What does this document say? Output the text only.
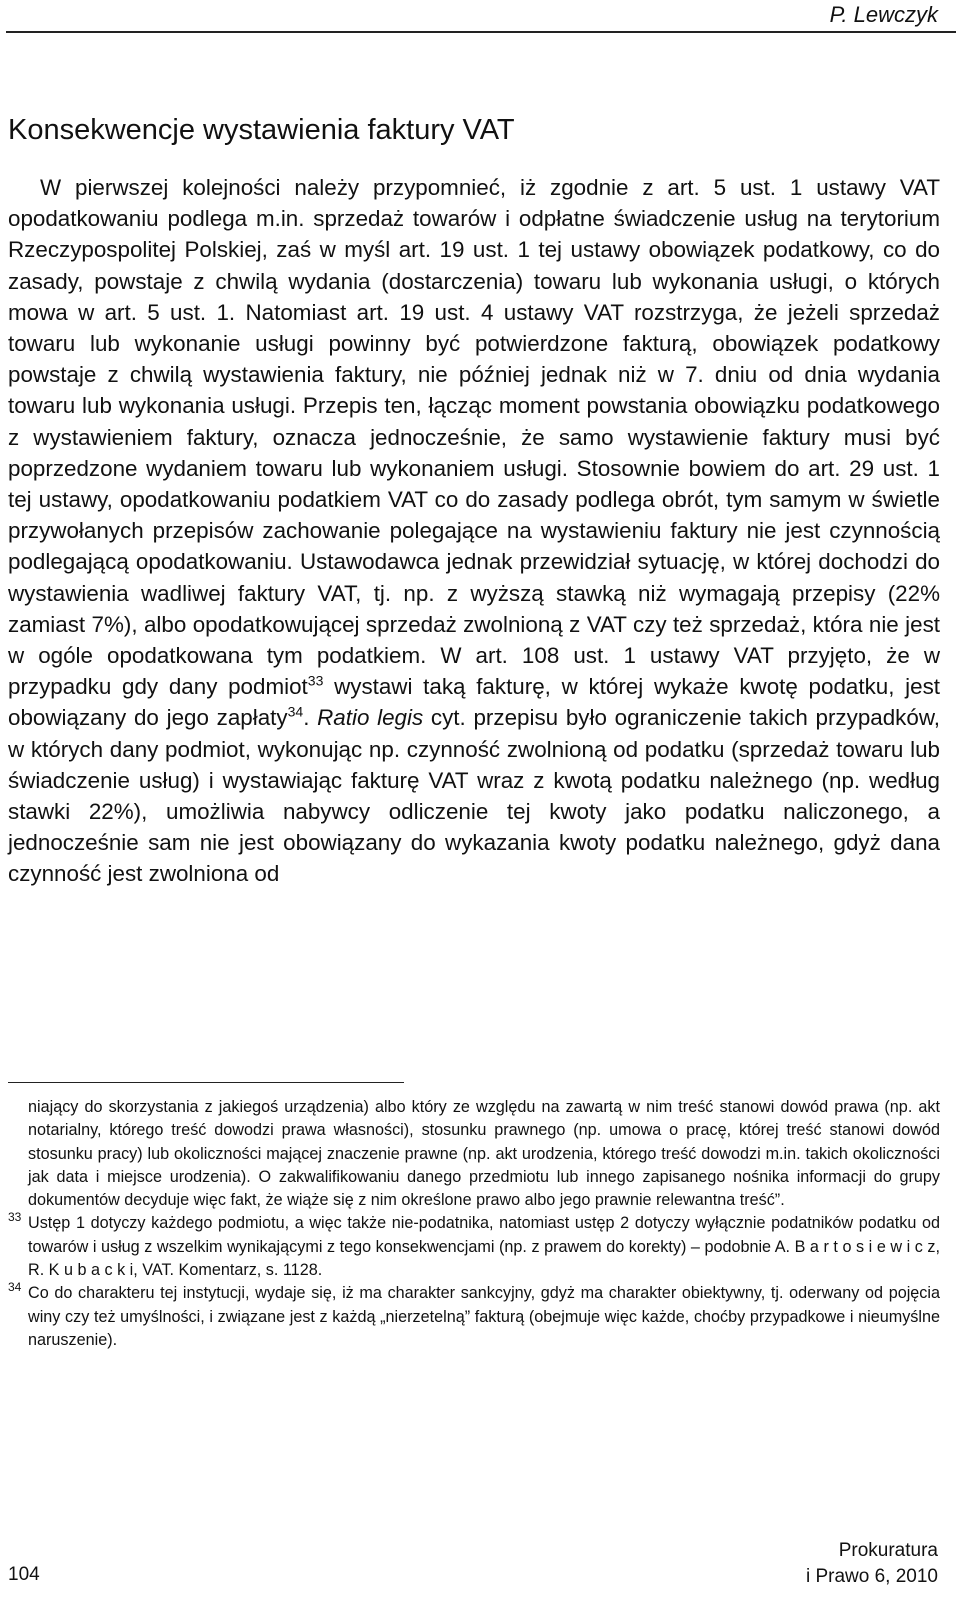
P. Lewczyk
Konsekwencje wystawienia faktury VAT

W pierwszej kolejności należy przypomnieć, iż zgodnie z art. 5 ust. 1 ustawy VAT opodatkowaniu podlega m.in. sprzedaż towarów i odpłatne świadczenie usług na terytorium Rzeczypospolitej Polskiej, zaś w myśl art. 19 ust. 1 tej ustawy obowiązek podatkowy, co do zasady, powstaje z chwilą wydania (dostarczenia) towaru lub wykonania usługi, o których mowa w art. 5 ust. 1. Natomiast art. 19 ust. 4 ustawy VAT rozstrzyga, że jeżeli sprzedaż towaru lub wykonanie usługi powinny być potwierdzone fakturą, obowiązek podatkowy powstaje z chwilą wystawienia faktury, nie później jednak niż w 7. dniu od dnia wydania towaru lub wykonania usługi. Przepis ten, łącząc moment powstania obowiązku podatkowego z wystawieniem faktury, oznacza jednocześnie, że samo wystawienie faktury musi być poprzedzone wydaniem towaru lub wykonaniem usługi. Stosownie bowiem do art. 29 ust. 1 tej ustawy, opodatkowaniu podatkiem VAT co do zasady podlega obrót, tym samym w świetle przywołanych przepisów zachowanie polegające na wystawieniu faktury nie jest czynnością podlegającą opodatkowaniu. Ustawodawca jednak przewidział sytuację, w której dochodzi do wystawienia wadliwej faktury VAT, tj. np. z wyższą stawką niż wymagają przepisy (22% zamiast 7%), albo opodatkowującej sprzedaż zwolnioną z VAT czy też sprzedaż, która nie jest w ogóle opodatkowana tym podatkiem. W art. 108 ust. 1 ustawy VAT przyjęto, że w przypadku gdy dany podmiot$^{33}$ wystawi taką fakturę, w której wykaże kwotę podatku, jest obowiązany do jego zapłaty$^{34}$. Ratio legis cyt. przepisu było ograniczenie takich przypadków, w których dany podmiot, wykonując np. czynność zwolnioną od podatku (sprzedaż towaru lub świadczenie usług) i wystawiając fakturę VAT wraz z kwotą podatku należnego (np. według stawki 22%), umożliwia nabywcy odliczenie tej kwoty jako podatku naliczonego, a jednocześnie sam nie jest obowiązany do wykazania kwoty podatku należnego, gdyż dana czynność jest zwolniona od

niający do skorzystania z jakiegoś urządzenia) albo który ze względu na zawartą w nim treść stanowi dowód prawa (np. akt notarialny, którego treść dowodzi prawa własności), stosunku prawnego (np. umowa o pracę, której treść stanowi dowód stosunku pracy) lub okoliczności mającej znaczenie prawne (np. akt urodzenia, którego treść dowodzi m.in. takich okoliczności jak data i miejsce urodzenia). O zakwalifikowaniu danego przedmiotu lub innego zapisanego nośnika informacji do grupy dokumentów decyduje więc fakt, że wiąże się z nim określone prawo albo jego prawnie relewantna treść”.

33 Ustęp 1 dotyczy każdego podmiotu, a więc także nie-podatnika, natomiast ustęp 2 dotyczy wyłącznie podatników podatku od towarów i usług z wszelkim wynikającymi z tego konsekwencjami (np. z prawem do korekty) – podobnie A. B a r t o s i e w i c z, R. K u b a c k i, VAT. Komentarz, s. 1128.

34 Co do charakteru tej instytucji, wydaje się, iż ma charakter sankcyjny, gdyż ma charakter obiektywny, tj. oderwany od pojęcia winy czy też umyślności, i związane jest z każdą „nierzetelną” fakturą (obejmuje więc każde, choćby przypadkowe i nieumyślne naruszenie).

104
Prokuratura
i Prawo 6, 2010
